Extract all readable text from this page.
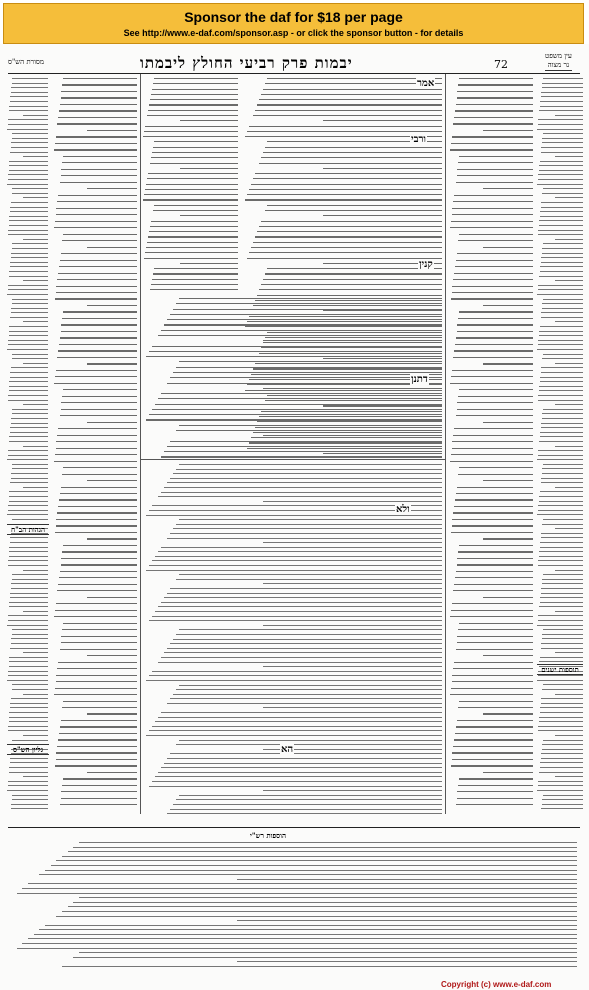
Sponsor the daf for $18 per page
See http://www.e-daf.com/sponsor.asp - or click the sponsor button - for details
מסורת הש"ס	יבמות פרק רביעי החולץ ליבמתו	72
עין משפט
נר מצוה
תוספות ישנים
הגהות הב"ח
גליון הש"ס
אמר
ורבי
קנין
דתנן
ולא
הא
הוספות רש"י
Copyright (c) www.e-daf.com
